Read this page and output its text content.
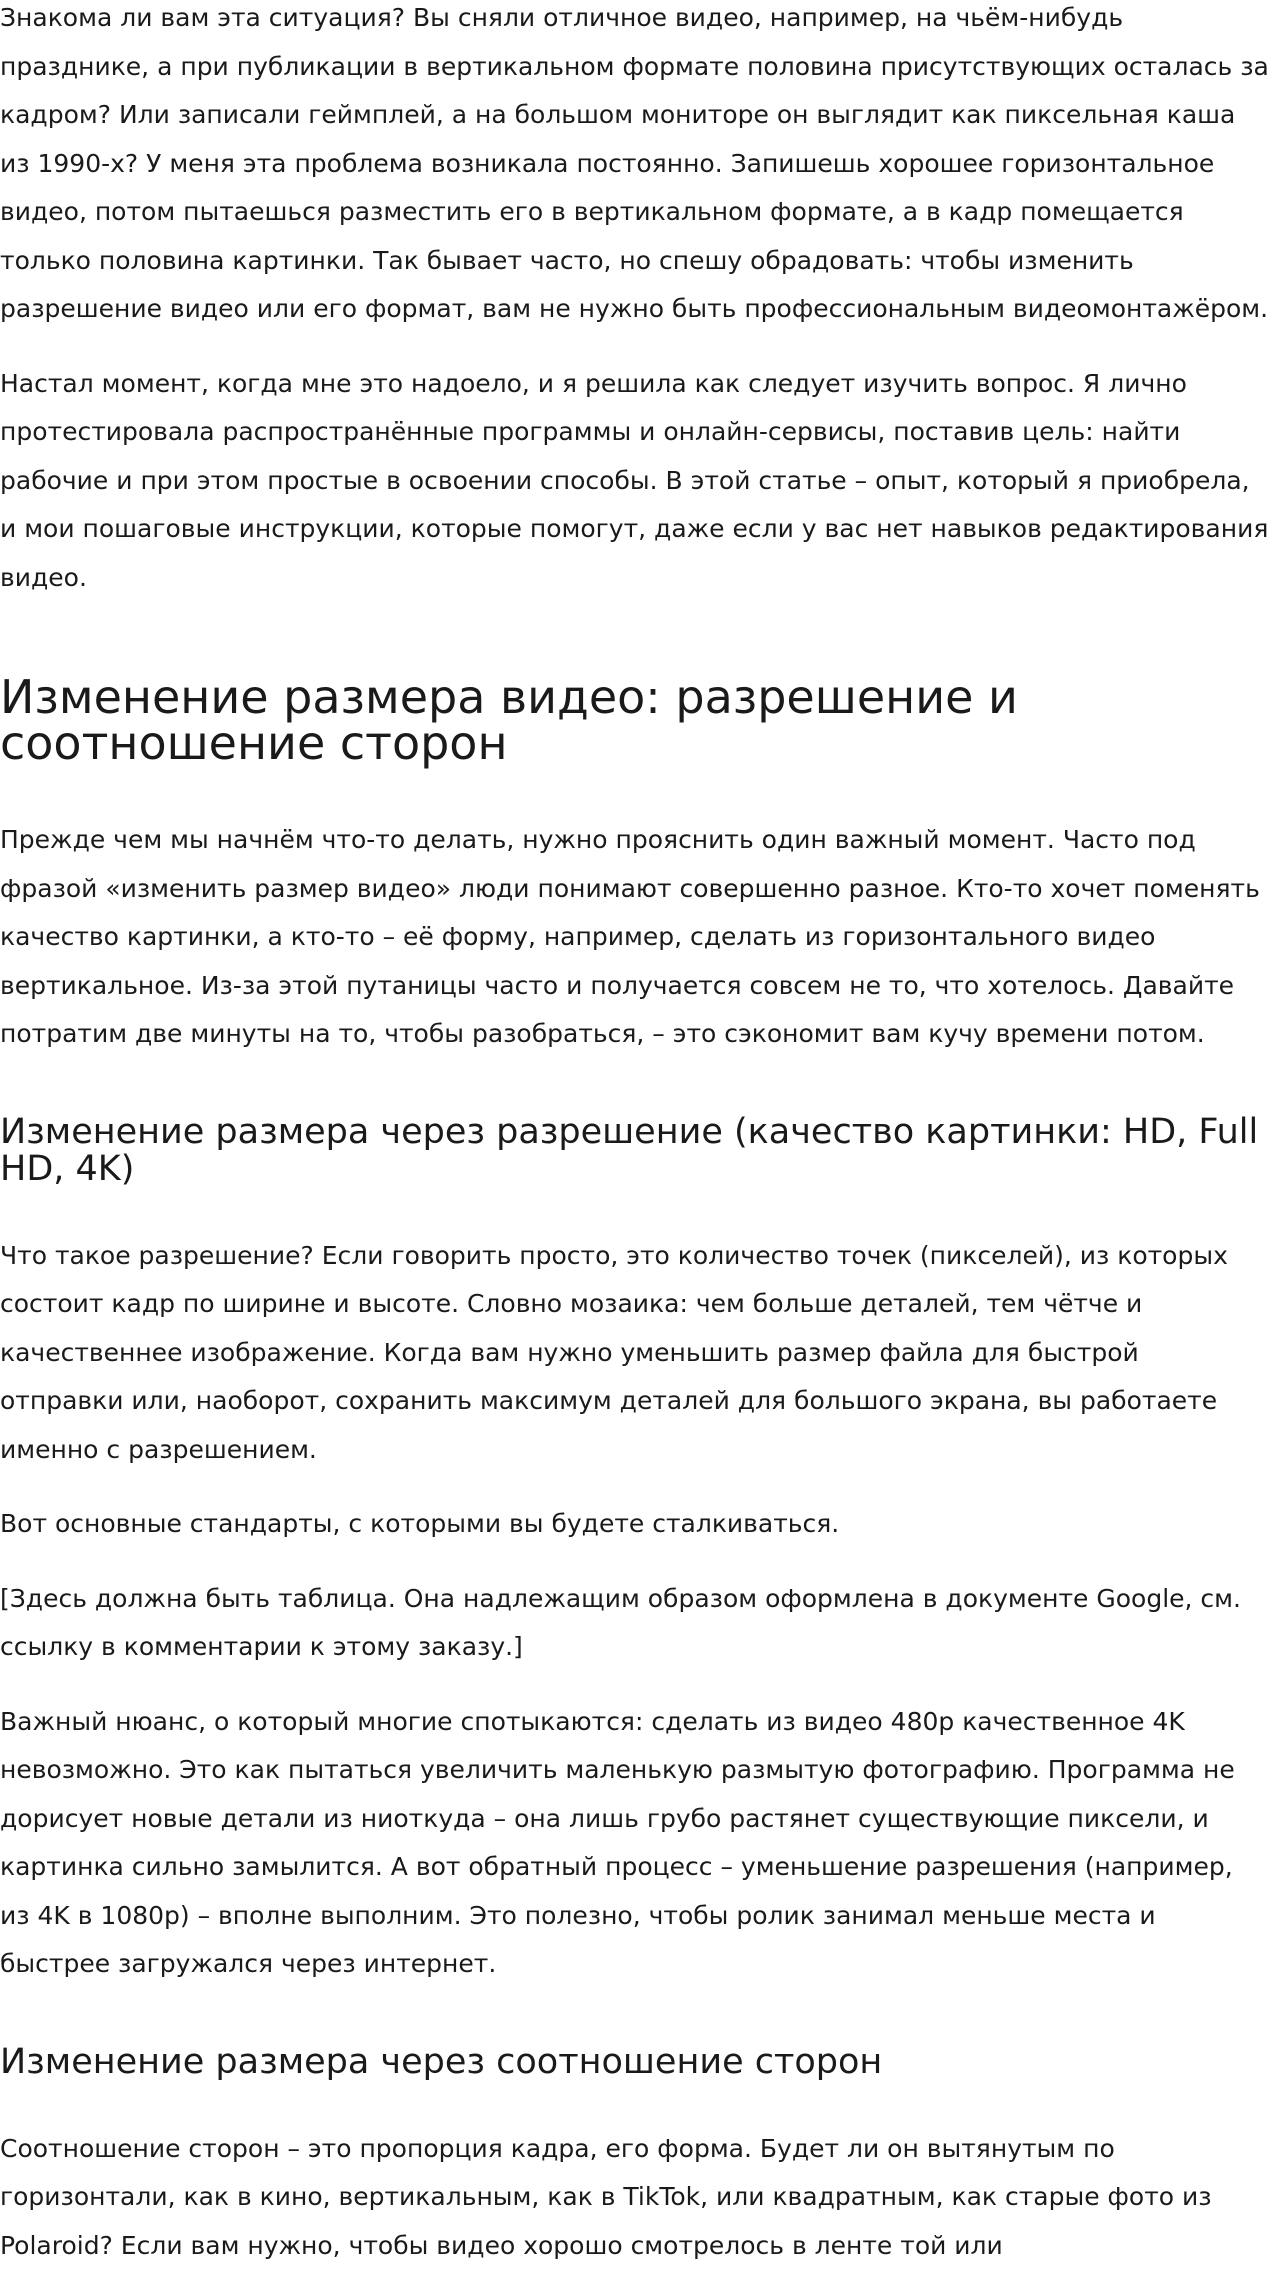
Знакома ли вам эта ситуация? Вы сняли отличное видео, например, на чьём-нибудь празднике, а при публикации в вертикальном формате половина присутствующих осталась за кадром? Или записали геймплей, а на большом мониторе он выглядит как пиксельная каша из 1990-х? У меня эта проблема возникала постоянно. Запишешь хорошее горизонтальное видео, потом пытаешься разместить его в вертикальном формате, а в кадр помещается только половина картинки. Так бывает часто, но спешу обрадовать: чтобы изменить разрешение видео или его формат, вам не нужно быть профессиональным видеомонтажёром.

Настал момент, когда мне это надоело, и я решила как следует изучить вопрос. Я лично протестировала распространённые программы и онлайн-сервисы, поставив цель: найти рабочие и при этом простые в освоении способы. В этой статье – опыт, который я приобрела, и мои пошаговые инструкции, которые помогут, даже если у вас нет навыков редактирования видео.

Изменение размера видео: разрешение и соотношение сторон

Прежде чем мы начнём что-то делать, нужно прояснить один важный момент. Часто под фразой «изменить размер видео» люди понимают совершенно разное. Кто-то хочет поменять качество картинки, а кто-то – её форму, например, сделать из горизонтального видео вертикальное. Из-за этой путаницы часто и получается совсем не то, что хотелось. Давайте потратим две минуты на то, чтобы разобраться, – это сэкономит вам кучу времени потом.

Изменение размера через разрешение (качество картинки: HD, Full HD, 4K)

Что такое разрешение? Если говорить просто, это количество точек (пикселей), из которых состоит кадр по ширине и высоте. Словно мозаика: чем больше деталей, тем чётче и качественнее изображение. Когда вам нужно уменьшить размер файла для быстрой отправки или, наоборот, сохранить максимум деталей для большого экрана, вы работаете именно с разрешением.

Вот основные стандарты, с которыми вы будете сталкиваться.

[Здесь должна быть таблица. Она надлежащим образом оформлена в документе Google, см. ссылку в комментарии к этому заказу.]

Важный нюанс, о который многие спотыкаются: сделать из видео 480p качественное 4K невозможно. Это как пытаться увеличить маленькую размытую фотографию. Программа не дорисует новые детали из ниоткуда – она лишь грубо растянет существующие пиксели, и картинка сильно замылится. А вот обратный процесс – уменьшение разрешения (например, из 4K в 1080p) – вполне выполним. Это полезно, чтобы ролик занимал меньше места и быстрее загружался через интернет.

Изменение размера через соотношение сторон

Соотношение сторон – это пропорция кадра, его форма. Будет ли он вытянутым по горизонтали, как в кино, вертикальным, как в TikTok, или квадратным, как старые фото из Polaroid? Если вам нужно, чтобы видео хорошо смотрелось в ленте той или
